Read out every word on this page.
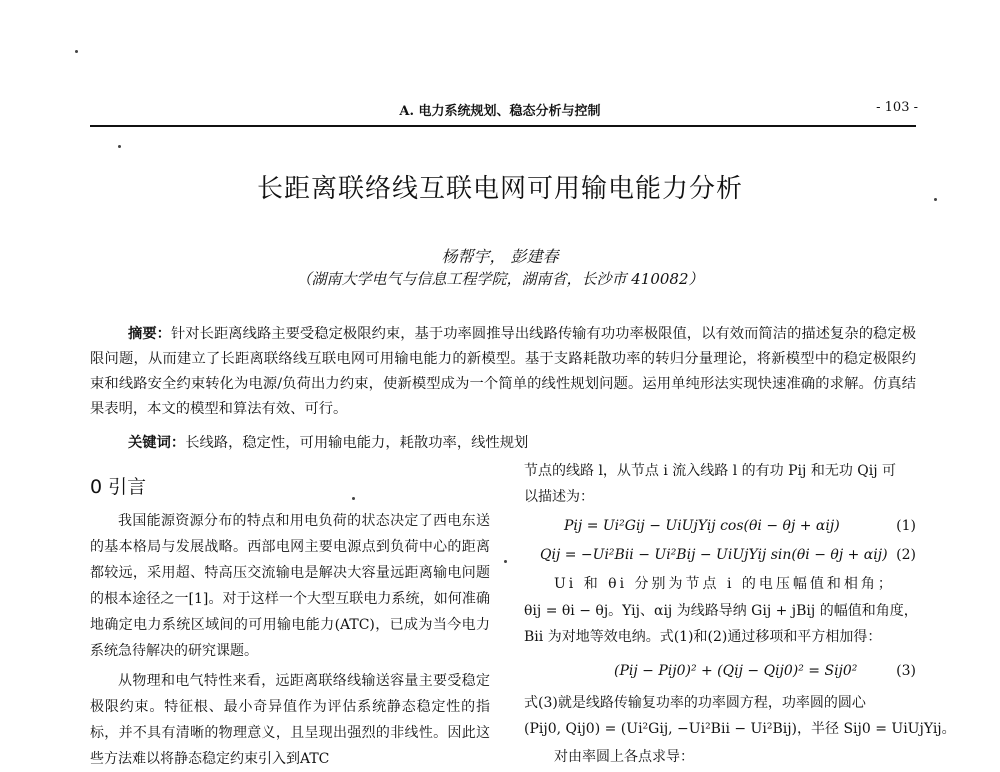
A. 电力系统规划、稳态分析与控制	- 103 -
长距离联络线互联电网可用输电能力分析
杨帮宇， 彭建春
（湖南大学电气与信息工程学院，湖南省，长沙市 410082）
摘要：针对长距离线路主要受稳定极限约束，基于功率圆推导出线路传输有功功率极限值，以有效而简洁的描述复杂的稳定极限问题，从而建立了长距离联络线互联电网可用输电能力的新模型。基于支路耗散功率的转归分量理论，将新模型中的稳定极限约束和线路安全约束转化为电源/负荷出力约束，使新模型成为一个简单的线性规划问题。运用单纯形法实现快速准确的求解。仿真结果表明，本文的模型和算法有效、可行。
关键词：长线路，稳定性，可用输电能力，耗散功率，线性规划
0 引言

我国能源资源分布的特点和用电负荷的状态决定了西电东送的基本格局与发展战略。西部电网主要电源点到负荷中心的距离都较远，采用超、特高压交流输电是解决大容量远距离输电问题的根本途径之一[1]。对于这样一个大型互联电力系统，如何准确地确定电力系统区域间的可用输电能力(ATC)，已成为当今电力系统急待解决的研究课题。

从物理和电气特性来看，远距离联络线输送容量主要受稳定极限约束。特征根、最小奇异值作为评估系统静态稳定性的指标，并不具有清晰的物理意义，且呈现出强烈的非线性。因此这些方法难以将静态稳定约束引入到ATC

节点的线路 l，从节点 i 流入线路 l 的有功 Pij 和无功 Qij 可
以描述为：
Pij = Ui²Gij − UiUjYij cos(θi − θj + αij)	(1)
Qij = −Ui²Bii − Ui²Bij − UiUjYij sin(θi − θj + αij) (2)
Ui 和 θi 分别为节点 i 的电压幅值和相角；
θij = θi − θj。Yij、αij 为线路导纳 Gij + jBij 的幅值和角度，
Bii 为对地等效电纳。式(1)和(2)通过移项和平方相加得：
(Pij − Pij0)² + (Qij − Qij0)² = Sij0²	(3)
式(3)就是线路传输复功率的功率圆方程，功率圆的圆心
(Pij0, Qij0) = (Ui²Gij, −Ui²Bii − Ui²Bij)，半径 Sij0 = UiUjYij。
对由率圆上各点求导：
